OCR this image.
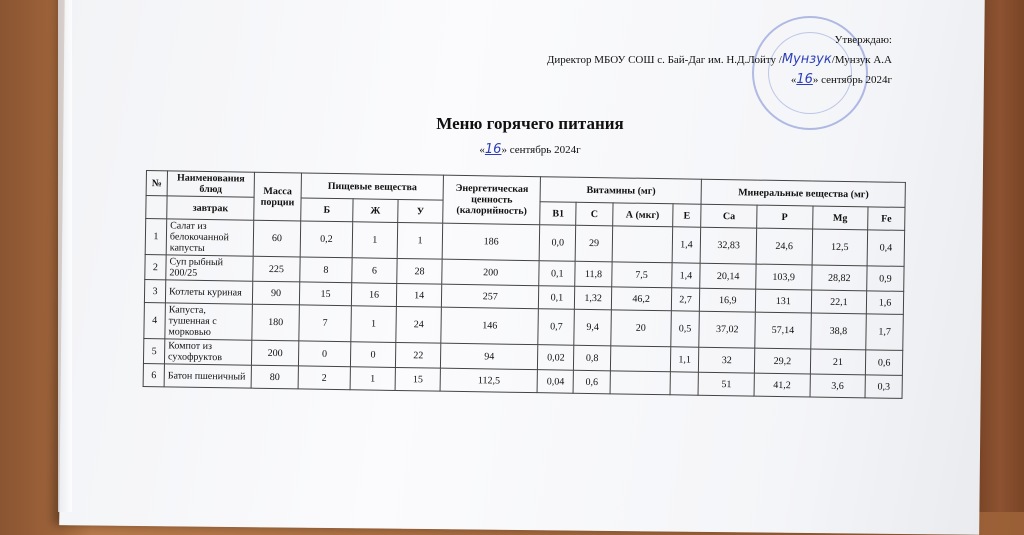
Утверждаю:
Директор МБОУ СОШ с. Бай-Даг им. Н.Д.Лойту /Мунзук/Мунзук А.А
«16» сентябрь 2024г
Меню горячего питания
«16» сентябрь 2024г
№	Наименования блюд	Масса порции	Пищевые вещества			Энергетическая ценность (калорийность)	Витамины (мг)				Минеральные вещества (мг)			
	завтрак		Б	Ж	У		В1	С	А (мкг)	Е	Са	Р	Mg	Fe
1	Салат из белокочанной капусты	60	0,2	1	1	186	0,0	29		1,4	32,83	24,6	12,5	0,4
2	Суп рыбный 200/25	225	8	6	28	200	0,1	11,8	7,5	1,4	20,14	103,9	28,82	0,9
3	Котлеты куриная	90	15	16	14	257	0,1	1,32	46,2	2,7	16,9	131	22,1	1,6
4	Капуста, тушенная с морковью	180	7	1	24	146	0,7	9,4	20	0,5	37,02	57,14	38,8	1,7
5	Компот из сухофруктов	200	0	0	22	94	0,02	0,8		1,1	32	29,2	21	0,6
6	Батон пшеничный	80	2	1	15	112,5	0,04	0,6			51	41,2	3,6	0,3
